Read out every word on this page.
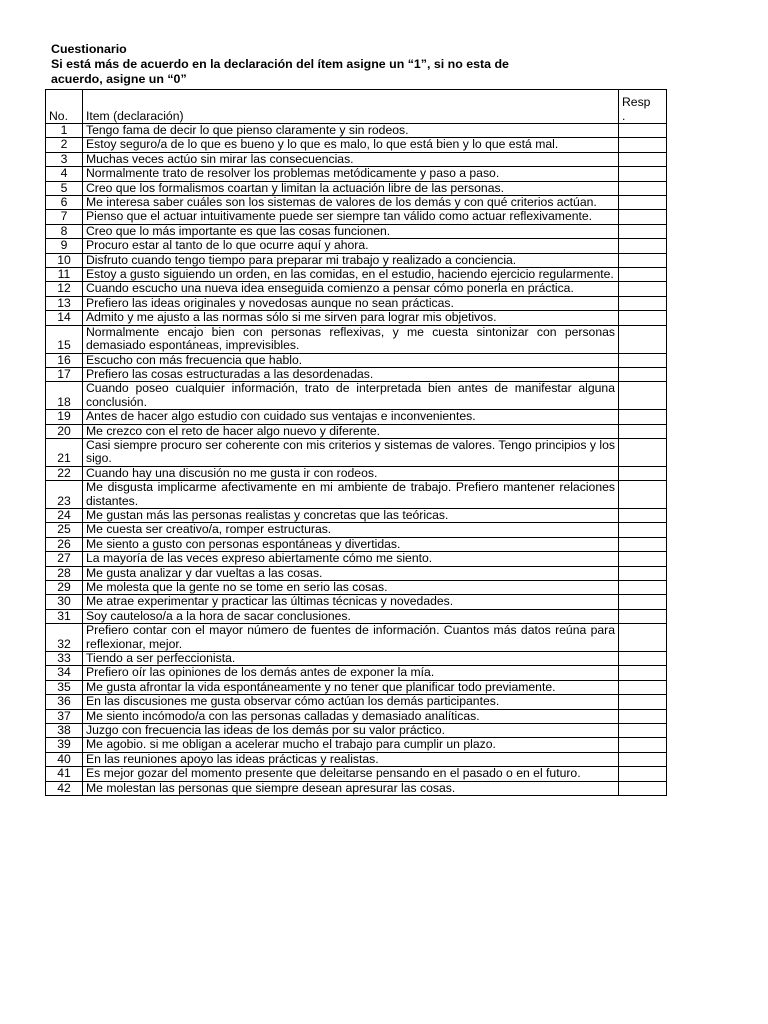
Cuestionario
Si está más de acuerdo en la declaración del ítem asigne un “1”, si no esta de
acuerdo, asigne un “0”
No.	Item (declaración)	Resp
.
1	Tengo fama de decir lo que pienso claramente y sin rodeos.	
2	Estoy seguro/a de lo que es bueno y lo que es malo, lo que está bien y lo que está mal.	
3	Muchas veces actúo sin mirar las consecuencias.	
4	Normalmente trato de resolver los problemas metódicamente y paso a paso.	
5	Creo que los formalismos coartan y limitan la actuación libre de las personas.	
6	Me interesa saber cuáles son los sistemas de valores de los demás y con qué criterios actúan.	
7	Pienso que el actuar intuitivamente puede ser siempre tan válido como actuar reflexivamente.	
8	Creo que lo más importante es que las cosas funcionen.	
9	Procuro estar al tanto de lo que ocurre aquí y ahora.	
10	Disfruto cuando tengo tiempo para preparar mi trabajo y realizado a conciencia.	
11	Estoy a gusto siguiendo un orden, en las comidas, en el estudio, haciendo ejercicio regularmente.	
12	Cuando escucho una nueva idea enseguida comienzo a pensar cómo ponerla en práctica.	
13	Prefiero las ideas originales y novedosas aunque no sean prácticas.	
14	Admito y me ajusto a las normas sólo si me sirven para lograr mis objetivos.	
15	Normalmente encajo bien con personas reflexivas, y me cuesta sintonizar con personas demasiado espontáneas, imprevisibles.	
16	Escucho con más frecuencia que hablo.	
17	Prefiero las cosas estructuradas a las desordenadas.	
18	Cuando poseo cualquier información, trato de interpretada bien antes de manifestar alguna conclusión.	
19	Antes de hacer algo estudio con cuidado sus ventajas e inconvenientes.	
20	Me crezco con el reto de hacer algo nuevo y diferente.	
21	Casi siempre procuro ser coherente con mis criterios y sistemas de valores. Tengo principios y los sigo.	
22	Cuando hay una discusión no me gusta ir con rodeos.	
23	Me disgusta implicarme afectivamente en mi ambiente de trabajo. Prefiero mantener relaciones distantes.	
24	Me gustan más las personas realistas y concretas que las teóricas.	
25	Me cuesta ser creativo/a, romper estructuras.	
26	Me siento a gusto con personas espontáneas y divertidas.	
27	La mayoría de las veces expreso abiertamente cómo me siento.	
28	Me gusta analizar y dar vueltas a las cosas.	
29	Me molesta que la gente no se tome en serio las cosas.	
30	Me atrae experimentar y practicar las últimas técnicas y novedades.	
31	Soy cauteloso/a a la hora de sacar conclusiones.	
32	Prefiero contar con el mayor número de fuentes de información. Cuantos más datos reúna para reflexionar, mejor.	
33	Tiendo a ser perfeccionista.	
34	Prefiero oír las opiniones de los demás antes de exponer la mía.	
35	Me gusta afrontar la vida espontáneamente y no tener que planificar todo previamente.	
36	En las discusiones me gusta observar cómo actúan los demás participantes.	
37	Me siento incómodo/a con las personas calladas y demasiado analíticas.	
38	Juzgo con frecuencia las ideas de los demás por su valor práctico.	
39	Me agobio. si me obligan a acelerar mucho el trabajo para cumplir un plazo.	
40	En las reuniones apoyo las ideas prácticas y realistas.	
41	Es mejor gozar del momento presente que deleitarse pensando en el pasado o en el futuro.	
42	Me molestan las personas que siempre desean apresurar las cosas.	
